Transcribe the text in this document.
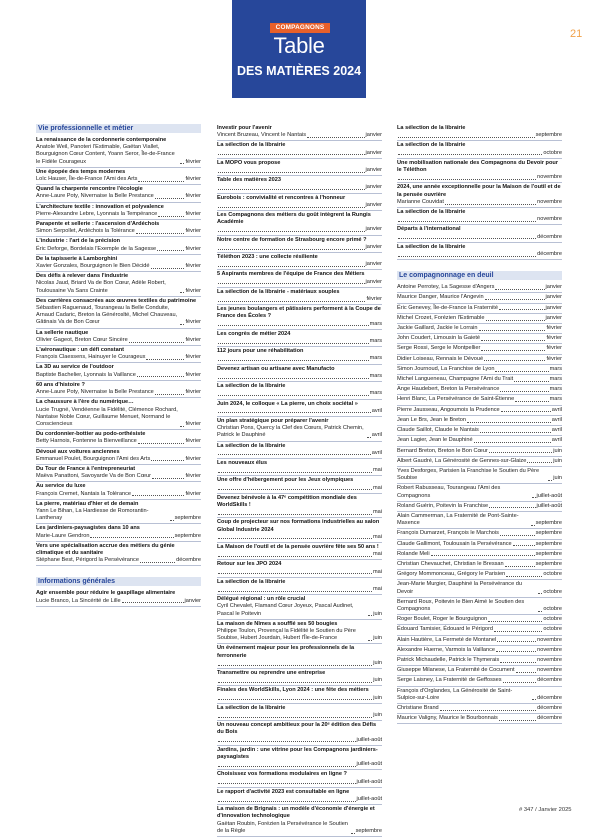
COMPAGNONS
Table
DES MATIÈRES 2024
21
Vie professionnelle et métier
La renaissance de la cordonnerie contemporaine
Anatole Weil, Panoteri l'Estimable, Gaëtan Viallet, Bourguignon Cœur Content, Yoann Seror, Île-de-France le Fidèle Courageux	février
Une épopée des temps modernes
Loïc Hauser, Île-de-France l'Ami des Arts	février
Quand la charpente rencontre l'écologie
Anne-Laure Poty, Nivernaise la Belle Prestance	février
L'architecture textile : innovation et polyvalence
Pierre-Alexandre Lebre, Lyonnais la Tempérance	février
Parapente et sellerie : l'ascension d'Ardéchois
Simon Serpollet, Ardéchois la Tolérance	février
L'industrie : l'art de la précision
Éric Deforge, Bordelais l'Exemple de la Sagesse	février
De la tapisserie à Lamborghini
Xavier Gonzales, Bourguignon le Bien Décidé	février
Des défis à relever dans l'industrie
Nicolas Jaud, Briard Va de Bon Cœur, Adèle Robert, Toulousaine Va Sans Crainte	février
Des carrières consacrées aux œuvres textiles du patrimoine
Sébastien Raguenaud, Tourangeau la Belle Conduite, Arnaud Cadaric, Breton la Généroslté, Michel Chauveau, Gâtinais Va de Bon Cœur	février
La sellerie nautique
Olivier Gageot, Breton Cœur Sincère	février
L'aéronautique : un défi constant
François Claessens, Hainuyer le Courageux	février
La 3D au service de l'outdoor
Baptiste Bachelier, Lyonnais la Vaillance	février
60 ans d'histoire ?
Anne-Laure Poty, Nivernaise la Belle Prestance	février
La chaussure à l'ère du numérique…
Lucie Trugné, Vendéenne la Fidélité, Clémence Rochard, Nantaise Noble Cœur, Guillaume Menuet, Normand le Consciencieux	février
Du cordonnier-bottier au podo-orthésiste
Betty Harnois, Fontenne la Bienveillance	février
Dévoué aux voitures anciennes
Emmanuel Poulet, Bourguignon l'Ami des Arts	février
Du Tour de France à l'entrepreneuriat
Maëva Panattoni, Savoyarde Va de Bon Cœur	février
Au service du luxe
François Cremet, Nantais la Tolérance	février
La pierre, matériau d'hier et de demain
Yann Le Bihan, La Hardiesse de Romorantin-Lanthenay	septembre
Les jardiniers-paysagistes dans 10 ans
Marie-Laure Gendron	septembre
Vers une spécialisation accrue des métiers du génie climatique et du sanitaire
Stéphane Best, Périgord la Persévérance	décembre
Informations générales
Agir ensemble pour réduire le gaspillage alimentaire
Lucie Branco, La Sincérité de Lille	janvier
Investir pour l'avenir
Vincent Bruzeau, Vincent le Nantais	janvier
La sélection de la librairie
janvier
La MOPO vous propose
janvier
Table des matières 2023
janvier
Eurobois : convivialité et rencontres à l'honneur
janvier
Les Compagnons des métiers du goût intègrent la Rungis Académie
janvier
Notre centre de formation de Strasbourg encore primé ?
janvier
Téléthon 2023 : une collecte résiliente
janvier
5 Aspirants membres de l'équipe de France des Métiers
janvier
La sélection de la librairie - matériaux souples
février
Les jeunes boulangers et pâtissiers performent à la Coupe de France des Écoles ?
mars
Les congrès de métier 2024
mars
112 jours pour une réhabilitation
mars
Devenez artisan ou artisane avec Manufacto
mars
La sélection de la librairie
mars
Juin 2024, le colloque « La pierre, un choix sociétal »
avril
Un plan stratégique pour préparer l'avenir
Christian Pons, Quercy la Clef des Cœurs, Patrick Chemin, Patrick le Dauphiné	avril
La sélection de la librairie
avril
Les nouveaux élus
mai
Une offre d'hébergement pour les Jeux olympiques
mai
Devenez bénévole à la 47ᵉ compétition mondiale des WorldSkills !
mai
Coup de projecteur sur nos formations industrielles au salon Global Industrie 2024
mai
La Maison de l'outil et de la pensée ouvrière fête ses 50 ans !
mai
Retour sur les JPO 2024
mai
La sélection de la librairie
mai
Délégué régional : un rôle crucial
Cyril Chevalet, Flamand Cœur Joyeux, Pascal Audinet, Pascal le Poitevin	juin
La maison de Nîmes a soufflé ses 50 bougies
Philippe Toulon, Provençal la Fidélité le Soutien du Père Soubise, Hubert Jourdain, Hubert l'Île-de-France	juin
Un événement majeur pour les professionnels de la ferronnerie
juin
Transmettre ou reprendre une entreprise
juin
Finales des WorldSkills, Lyon 2024 : une fête des métiers
juin
La sélection de la librairie
juin
Un nouveau concept ambitieux pour la 20ᵉ édition des Défis du Bois
juillet-août
Jardins, jardin : une vitrine pour les Compagnons jardiniers-paysagistes
juillet-août
Choisissez vos formations modulaires en ligne ?
juillet-août
Le rapport d'activité 2023 est consultable en ligne
juillet-août
La maison de Brignais : un modèle d'économie d'énergie et d'innovation technologique
Gaëtan Roubin, Forézien la Persévérance le Soutien de la Règle	septembre
La sélection de la librairie
septembre
La sélection de la librairie
octobre
Une mobilisation nationale des Compagnons du Devoir pour le Téléthon
novembre
2024, une année exceptionnelle pour la Maison de l'outil et de la pensée ouvrière
Marianne Couvidat	novembre
La sélection de la librairie
novembre
Départs à l'international
décembre
La sélection de la librairie
décembre
Le compagnonnage en deuil
Antoine Perrotey, La Sagesse d'Angers	janvier
Maurice Danger, Maurice l'Angevin	janvier
Éric Genevey, Île-de-France la Fraternité	janvier
Michel Crozet, Forézien l'Estimable	janvier
Jackie Gaillard, Jackie le Lorrain	février
John Coudert, Limousin la Gaieté	février
Serge Rossi, Serge le Montpellier	février
Didier Loiseau, Rennais le Dévoué	février
Simon Journoud, La Franchise de Lyon	mars
Michel Langueneau, Champagne l'Ami du Trait	mars
Ange Haudebert, Breton la Persévérance	mars
Henri Blanc, La Persévérance de Saint-Étienne	mars
Pierre Jausseau, Angoumois la Prudence	avril
Jean Le Brs, Jean le Breton	avril
Claude Saillot, Claude le Nantais	avril
Jean Lagier, Jean le Dauphiné	avril
Bernard Breton, Breton le Bon Cœur	juin
Albert Gaudré, La Générosité de Gennes-sur-Glaize	juin
Yves Desforges, Parisien la Franchise le Soutien du Père Soubise	juin
Robert Rabusseau, Tourangeau l'Ami des Compagnons	juillet-août
Roland Guérin, Poitevin la Franchise	juillet-août
Alain Cammerman, La Fraternité de Pont-Sainte-Maxence	septembre
François Dumarzet, François le Marchois	septembre
Claude Gallimont, Toulousain la Persévérance	septembre
Rolande Meli	septembre
Christian Chevauchet, Christian le Bressan	septembre
Grégory Mommonceau, Grégory le Parisien	octobre
Jean-Marie Murgier, Dauphiné la Persévérance du Devoir	octobre
Bernard Roux, Poitevin le Bien Aimé le Soutien des Compagnons	octobre
Roger Boulet, Roger le Bourguignon	octobre
Édouard Tamisier, Édouard le Périgord	octobre
Alain Hautière, La Fermeté de Montanel	novembre
Alexandre Huerne, Varmois la Vaillance	novembre
Patrick Michaudelle, Patrick le Thymerais	novembre
Giuseppe Milanese, La Fraternité de Cocument	novembre
Serge Laisney, La Fraternité de Geffosses	décembre
François d'Orglandes, La Générosité de Saint-Sulpice-sur-Loire	décembre
Christiane Brand	décembre
Maurice Valigny, Maurice le Bourbonnais	décembre
# 347 / Janvier 2025
